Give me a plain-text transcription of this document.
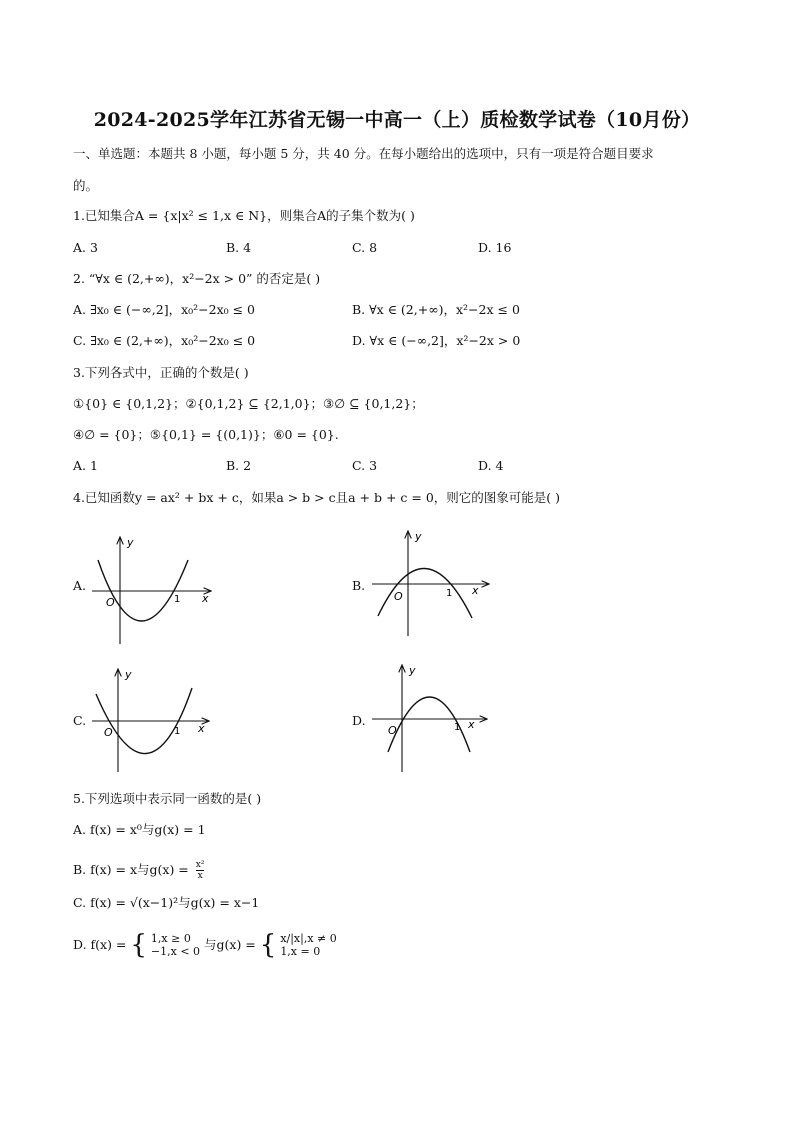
2024-2025学年江苏省无锡一中高一（上）质检数学试卷（10月份）
一、单选题：本题共 8 小题，每小题 5 分，共 40 分。在每小题给出的选项中，只有一项是符合题目要求
的。
1.已知集合A = {x|x² ≤ 1,x ∈ N}，则集合A的子集个数为( )
A. 3	B. 4	C. 8	D. 16
2. “∀x ∈ (2,+∞)，x²−2x > 0” 的否定是( )
A. ∃x₀ ∈ (−∞,2]，x₀²−2x₀ ≤ 0	B. ∀x ∈ (2,+∞)，x²−2x ≤ 0
C. ∃x₀ ∈ (2,+∞)，x₀²−2x₀ ≤ 0	D. ∀x ∈ (−∞,2]，x²−2x > 0
3.下列各式中，正确的个数是( )
①{0} ∈ {0,1,2}；②{0,1,2} ⊆ {2,1,0}；③∅ ⊆ {0,1,2}；
④∅ = {0}；⑤{0,1} = {(0,1)}；⑥0 = {0}.
A. 1	B. 2	C. 3	D. 4
4.已知函数y = ax² + bx + c，如果a > b > c且a + b + c = 0，则它的图象可能是( )
A.	B.
C.	D.
y
x
O	1
y
x
O	1
y
x
O	1
y
x
O	1
5.下列选项中表示同一函数的是( )
A. f(x) = x⁰与g(x) = 1
B. f(x) = x与$g(x) = \frac{\text{x²}}{x}$
C. f(x) = √(x−1)²与g(x) = x−1
D. f(x) = { 1,x ≥ 0
−1,x < 0 与g(x) = { x/|x|,x ≠ 0
1,x = 0
